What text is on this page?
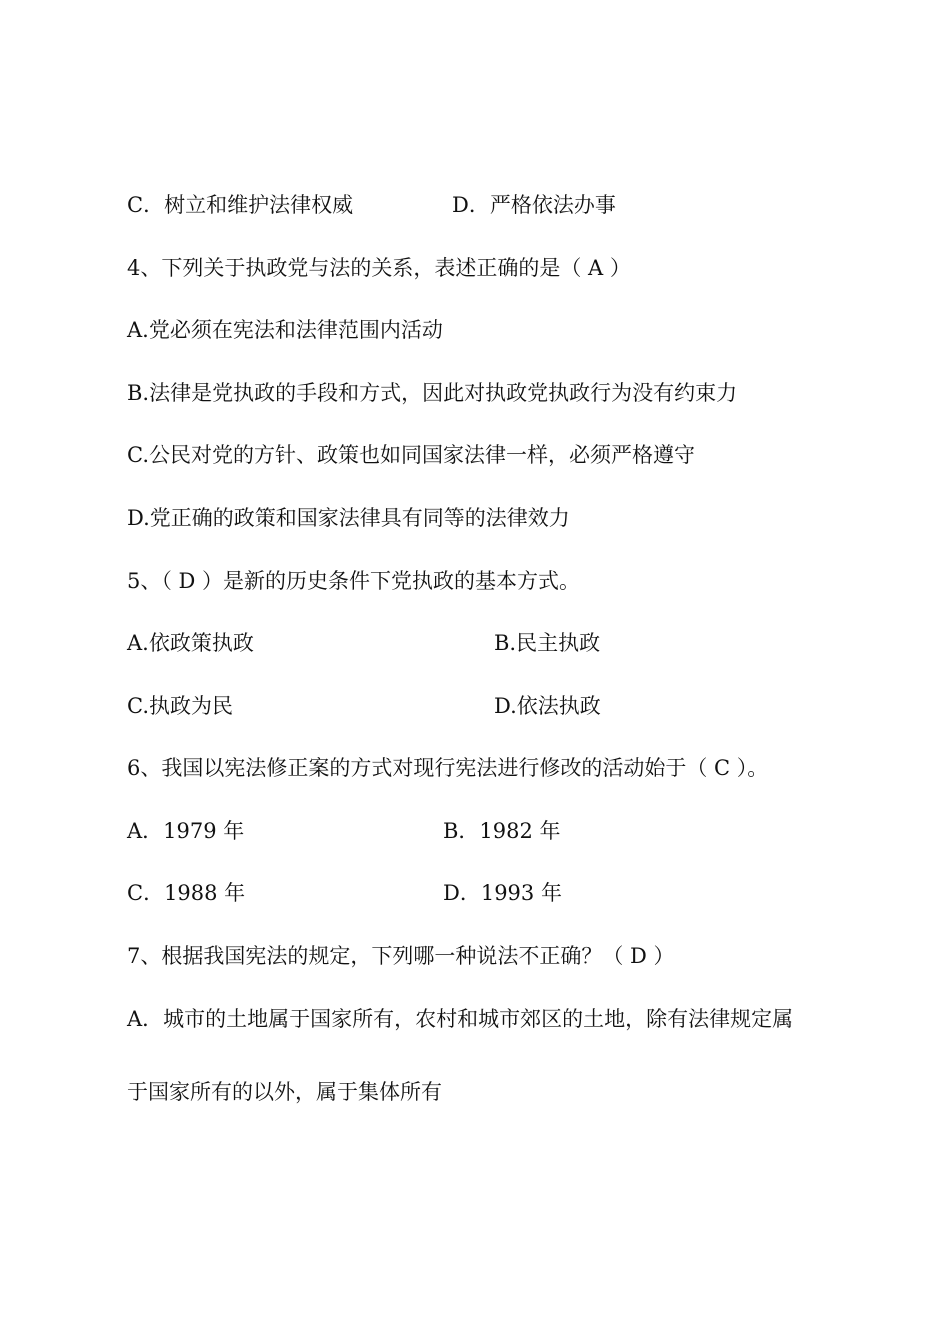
C．树立和维护法律权威	D．严格依法办事
4、下列关于执政党与法的关系，表述正确的是（ A ）
A.党必须在宪法和法律范围内活动
B.法律是党执政的手段和方式，因此对执政党执政行为没有约束力
C.公民对党的方针、政策也如同国家法律一样，必须严格遵守
D.党正确的政策和国家法律具有同等的法律效力
5、（ D ）是新的历史条件下党执政的基本方式。
A.依政策执政	B.民主执政
C.执政为民	D.依法执政
6、我国以宪法修正案的方式对现行宪法进行修改的活动始于（ C ）。
A．1979 年	B．1982 年
C．1988 年	D．1993 年
7、根据我国宪法的规定，下列哪一种说法不正确？（ D ）
A．城市的土地属于国家所有，农村和城市郊区的土地，除有法律规定属
于国家所有的以外，属于集体所有
